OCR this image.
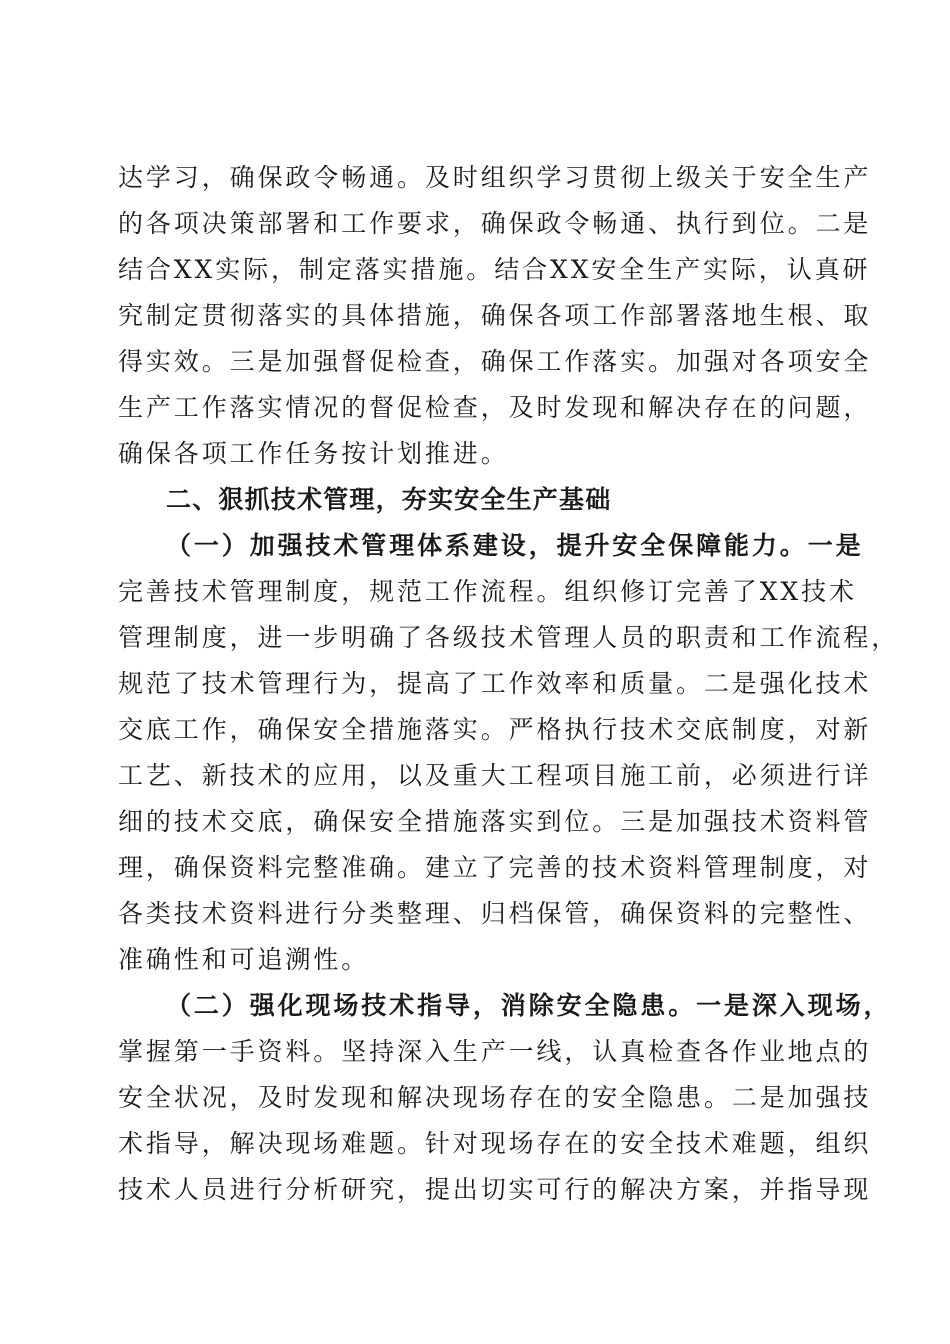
达学习，确保政令畅通。及时组织学习贯彻上级关于安全生产
的各项决策部署和工作要求，确保政令畅通、执行到位。二是
结合XX实际，制定落实措施。结合XX安全生产实际，认真研
究制定贯彻落实的具体措施，确保各项工作部署落地生根、取
得实效。三是加强督促检查，确保工作落实。加强对各项安全
生产工作落实情况的督促检查，及时发现和解决存在的问题，
确保各项工作任务按计划推进。
二、狠抓技术管理，夯实安全生产基础
（一）加强技术管理体系建设，提升安全保障能力。一是
完善技术管理制度，规范工作流程。组织修订完善了XX技术
管理制度，进一步明确了各级技术管理人员的职责和工作流程，
规范了技术管理行为，提高了工作效率和质量。二是强化技术
交底工作，确保安全措施落实。严格执行技术交底制度，对新
工艺、新技术的应用，以及重大工程项目施工前，必须进行详
细的技术交底，确保安全措施落实到位。三是加强技术资料管
理，确保资料完整准确。建立了完善的技术资料管理制度，对
各类技术资料进行分类整理、归档保管，确保资料的完整性、
准确性和可追溯性。
（二）强化现场技术指导，消除安全隐患。一是深入现场，
掌握第一手资料。坚持深入生产一线，认真检查各作业地点的
安全状况，及时发现和解决现场存在的安全隐患。二是加强技
术指导，解决现场难题。针对现场存在的安全技术难题，组织
技术人员进行分析研究，提出切实可行的解决方案，并指导现
